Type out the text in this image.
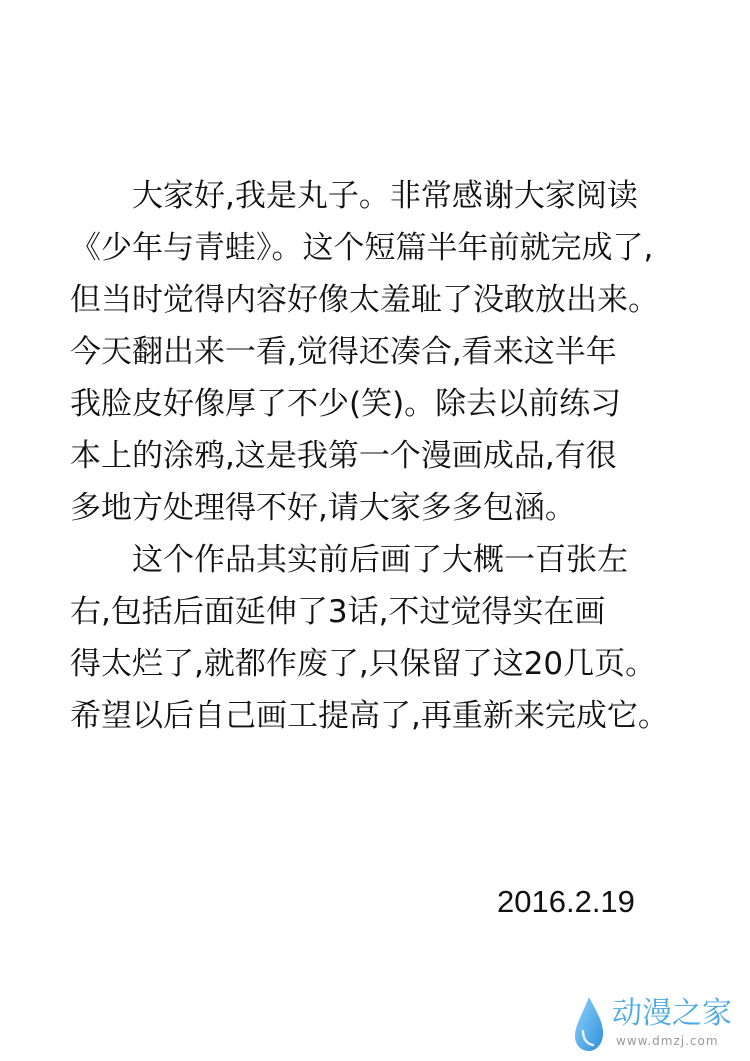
大家好,我是丸子。非常感谢大家阅读
《少年与青蛙》。这个短篇半年前就完成了,
但当时觉得内容好像太羞耻了没敢放出来。
今天翻出来一看,觉得还凑合,看来这半年
我脸皮好像厚了不少(笑)。除去以前练习
本上的涂鸦,这是我第一个漫画成品,有很
多地方处理得不好,请大家多多包涵。
这个作品其实前后画了大概一百张左
右,包括后面延伸了3话,不过觉得实在画
得太烂了,就都作废了,只保留了这20几页。
希望以后自己画工提高了,再重新来完成它。
2016.2.19
动漫之家
www.dmzj.com
